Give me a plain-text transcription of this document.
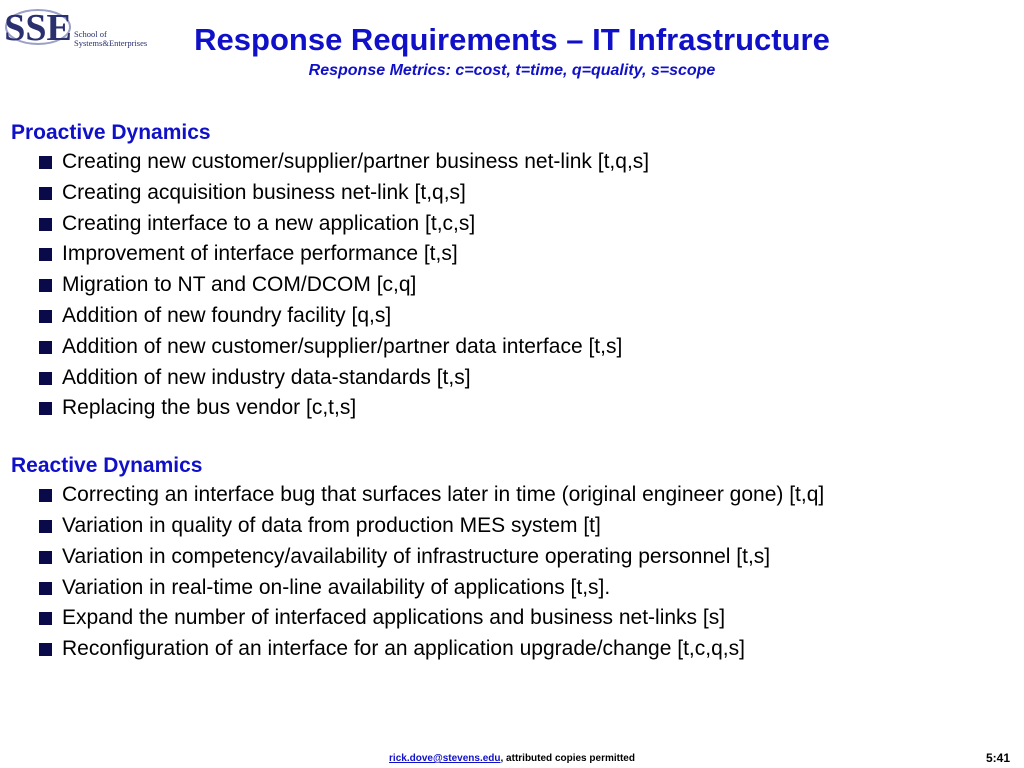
SSE School of
Systems&Enterprises	Response Requirements – IT Infrastructure
Response Metrics: c=cost, t=time, q=quality, s=scope

Proactive Dynamics

Creating new customer/supplier/partner business net-link [t,q,s]
Creating acquisition business net-link [t,q,s]
Creating interface to a new application [t,c,s]
Improvement of interface performance [t,s]
Migration to NT and COM/DCOM [c,q]
Addition of new foundry facility [q,s]
Addition of new customer/supplier/partner data interface [t,s]
Addition of new industry data-standards [t,s]
Replacing the bus vendor [c,t,s]

Reactive Dynamics

Correcting an interface bug that surfaces later in time (original engineer gone) [t,q]
Variation in quality of data from production MES system [t]
Variation in competency/availability of infrastructure operating personnel [t,s]
Variation in real-time on-line availability of applications [t,s].
Expand the number of interfaced applications and business net-links [s]
Reconfiguration of an interface for an application upgrade/change [t,c,q,s]
rick.dove@stevens.edu, attributed copies permitted	5:41
